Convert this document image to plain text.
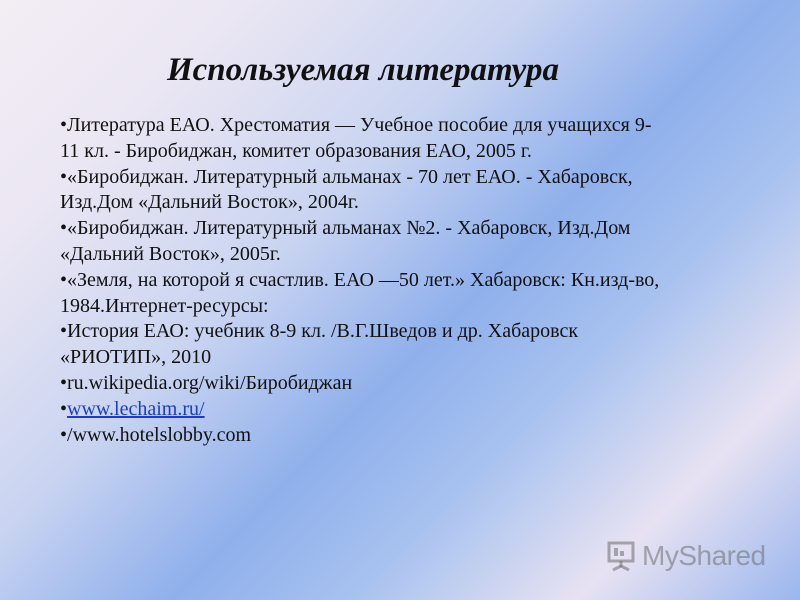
Используемая литература
•Литература ЕАО. Хрестоматия — Учебное пособие для учащихся 9-11 кл. - Биробиджан, комитет образования ЕАО, 2005 г.
•«Биробиджан. Литературный альманах - 70 лет ЕАО. - Хабаровск, Изд.Дом «Дальний Восток», 2004г.
•«Биробиджан. Литературный альманах №2. - Хабаровск, Изд.Дом «Дальний Восток», 2005г.
•«Земля, на которой я счастлив. ЕАО —50 лет.» Хабаровск: Кн.изд-во, 1984.Интернет-ресурсы:
•История ЕАО: учебник 8-9 кл. /В.Г.Шведов и др. Хабаровск «РИОТИП», 2010
•ru.wikipedia.org/wiki/Биробиджан
•www.lechaim.ru/
•/www.hotelslobby.com
MyShared
